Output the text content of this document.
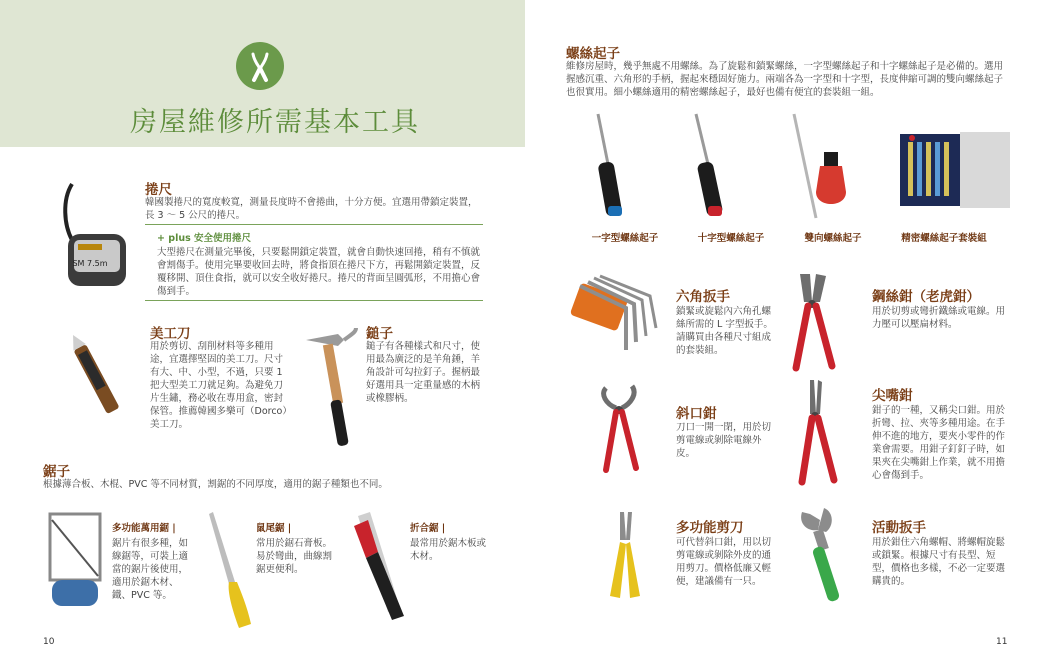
房屋維修所需基本工具
SM 7.5m
捲尺
韓國製捲尺的寬度較寬，測量長度時不會捲曲，十分方便。宜選用帶鎖定裝置，長 3 ～ 5 公尺的捲尺。
+ plus 安全使用捲尺
大型捲尺在測量完畢後，只要鬆開鎖定裝置，就會自動快速回捲，稍有不慎就會割傷手。使用完畢要收回去時，將食指頂在捲尺下方，再鬆開鎖定裝置，反覆移開、頂住食指，就可以安全收好捲尺。捲尺的背面呈圓弧形，不用擔心會傷到手。
美工刀
用於剪切、刮削材料等多種用途，宜選擇堅固的美工刀。尺寸有大、中、小型，不過，只要 1 把大型美工刀就足夠。為避免刀片生鏽，務必收在專用盒，密封保管。推薦韓國多樂可（Dorco）美工刀。
鎚子
鎚子有各種樣式和尺寸，使用最為廣泛的是羊角錘，羊角設計可勾拉釘子。握柄最好選用具一定重量感的木柄或橡膠柄。
鋸子
根據薄合板、木棍、PVC 等不同材質，割鋸的不同厚度，適用的鋸子種類也不同。
多功能萬用鋸 |
鋸片有很多種，如線鋸等，可裝上適當的鋸片後使用，適用於鋸木材、鐵、PVC 等。
鼠尾鋸 |
常用於鋸石膏板。易於彎曲，曲線割鋸更便利。
折合鋸 |
最常用於鋸木板或木材。
10
螺絲起子
維修房屋時，幾乎無處不用螺絲。為了旋鬆和鎖緊螺絲，一字型螺絲起子和十字螺絲起子是必備的。選用握感沉重、六角形的手柄，握起來穩固好施力。兩端各為一字型和十字型，長度伸縮可調的雙向螺絲起子也很實用。細小螺絲適用的精密螺絲起子，最好也備有便宜的套裝組一組。
一字型螺絲起子	十字型螺絲起子	雙向螺絲起子	精密螺絲起子套裝組
六角扳手
鎖緊或旋鬆內六角孔螺絲所需的 L 字型扳手。請購買由各種尺寸組成的套裝組。
鋼絲鉗（老虎鉗）
用於切剪或彎折鐵絲或電線。用力壓可以壓扁材料。
斜口鉗
刀口一開一閉，用於切剪電線或剝除電線外皮。
尖嘴鉗
鉗子的一種，又稱尖口鉗。用於折彎、拉、夾等多種用途。在手伸不進的地方，要夾小零件的作業會需要。用鉗子釘釘子時，如果夾在尖嘴鉗上作業，就不用擔心會傷到手。
多功能剪刀
可代替斜口鉗，用以切剪電線或剝除外皮的通用剪刀。價格低廉又輕便，建議備有一只。
活動扳手
用於鉗住六角螺帽、將螺帽旋鬆或鎖緊。根據尺寸有長型、短型，價格也多樣，不必一定要選購貴的。
11
